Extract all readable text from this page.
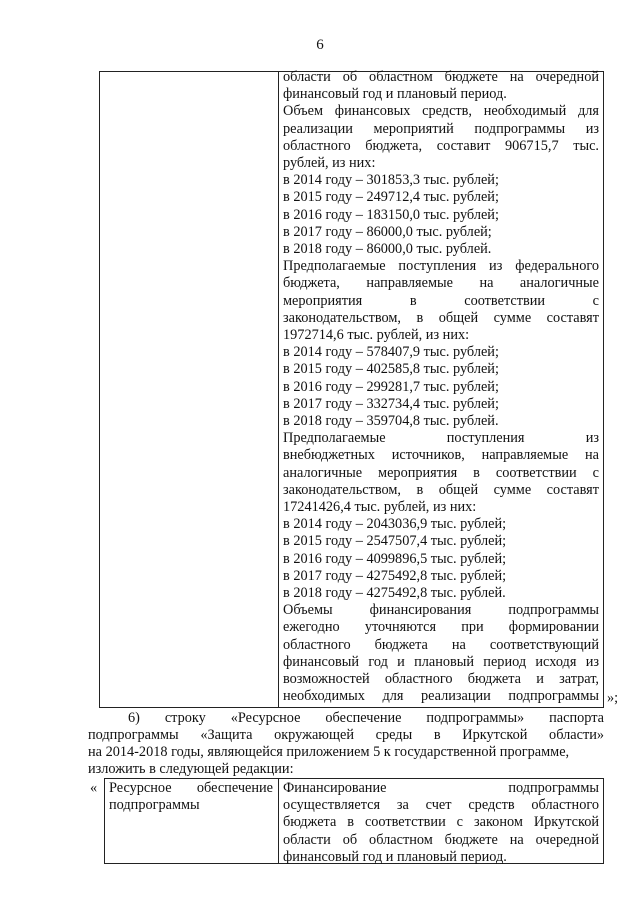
6
области об областном бюджете на очередной
финансовый год и плановый период.
Объем финансовых средств, необходимый для
реализации мероприятий подпрограммы из
областного бюджета, составит 906715,7 тыс.
рублей, из них:
в 2014 году – 301853,3 тыс. рублей;
в 2015 году – 249712,4 тыс. рублей;
в 2016 году – 183150,0 тыс. рублей;
в 2017 году – 86000,0 тыс. рублей;
в 2018 году – 86000,0 тыс. рублей.
Предполагаемые поступления из федерального
бюджета, направляемые на аналогичные
мероприятия в соответствии с
законодательством, в общей сумме составят
1972714,6 тыс. рублей, из них:
в 2014 году – 578407,9 тыс. рублей;
в 2015 году – 402585,8 тыс. рублей;
в 2016 году – 299281,7 тыс. рублей;
в 2017 году – 332734,4 тыс. рублей;
в 2018 году – 359704,8 тыс. рублей.
Предполагаемые поступления из
внебюджетных источников, направляемые на
аналогичные мероприятия в соответствии с
законодательством, в общей сумме составят
17241426,4 тыс. рублей, из них:
в 2014 году – 2043036,9 тыс. рублей;
в 2015 году – 2547507,4 тыс. рублей;
в 2016 году – 4099896,5 тыс. рублей;
в 2017 году – 4275492,8 тыс. рублей;
в 2018 году – 4275492,8 тыс. рублей.
Объемы финансирования подпрограммы
ежегодно уточняются при формировании
областного бюджета на соответствующий
финансовый год и плановый период исходя из
возможностей областного бюджета и затрат,
необходимых для реализации подпрограммы »;
6) строку «Ресурсное обеспечение подпрограммы» паспорта
подпрограммы «Защита окружающей среды в Иркутской области»
на 2014-2018 годы, являющейся приложением 5 к государственной программе,
изложить в следующей редакции:
« Ресурсное обеспечение
подпрограммы
Финансирование подпрограммы
осуществляется за счет средств областного
бюджета в соответствии с законом Иркутской
области об областном бюджете на очередной
финансовый год и плановый период.
